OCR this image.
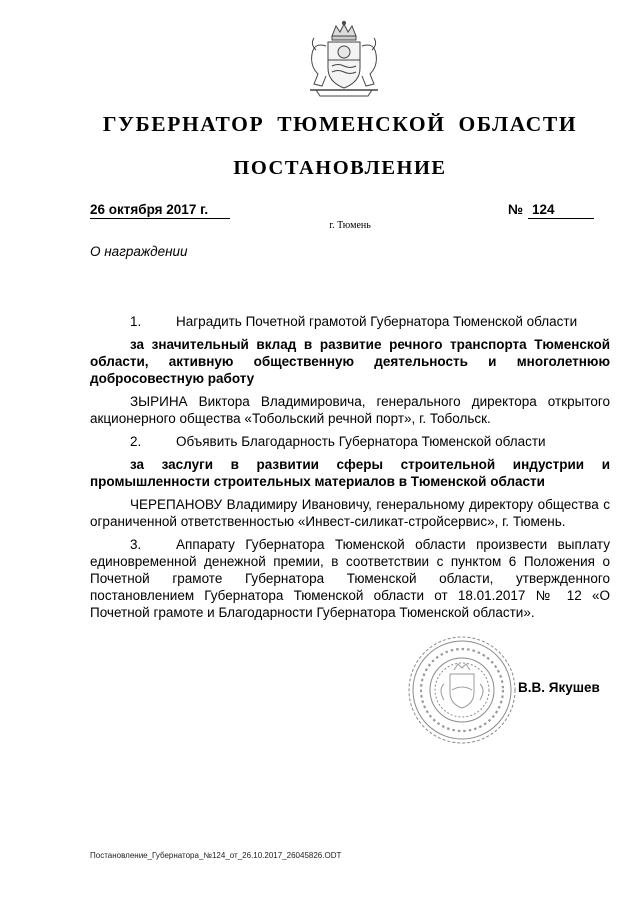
ГУБЕРНАТОР ТЮМЕНСКОЙ ОБЛАСТИ
ПОСТАНОВЛЕНИЕ
26 октября 2017 г.
г. Тюмень
№ 124
О награждении

1.	Наградить Почетной грамотой Губернатора Тюменской области

за значительный вклад в развитие речного транспорта Тюменской области, активную общественную деятельность и многолетнюю добросовестную работу

ЗЫРИНА Виктора Владимировича, генерального директора открытого акционерного общества «Тобольский речной порт», г. Тобольск.

2.	Объявить Благодарность Губернатора Тюменской области

за заслуги в развитии сферы строительной индустрии и промышленности строительных материалов в Тюменской области

ЧЕРЕПАНОВУ Владимиру Ивановичу, генеральному директору общества с ограниченной ответственностью «Инвест-силикат-стройсервис», г. Тюмень.

3.	Аппарату Губернатора Тюменской области произвести выплату единовременной денежной премии, в соответствии с пунктом 6 Положения о Почетной грамоте Губернатора Тюменской области, утвержденного постановлением Губернатора Тюменской области от 18.01.2017 № 12 «О Почетной грамоте и Благодарности Губернатора Тюменской области».

В.В. Якушев
Постановление_Губернатора_№124_от_26.10.2017_26045826.ODT
